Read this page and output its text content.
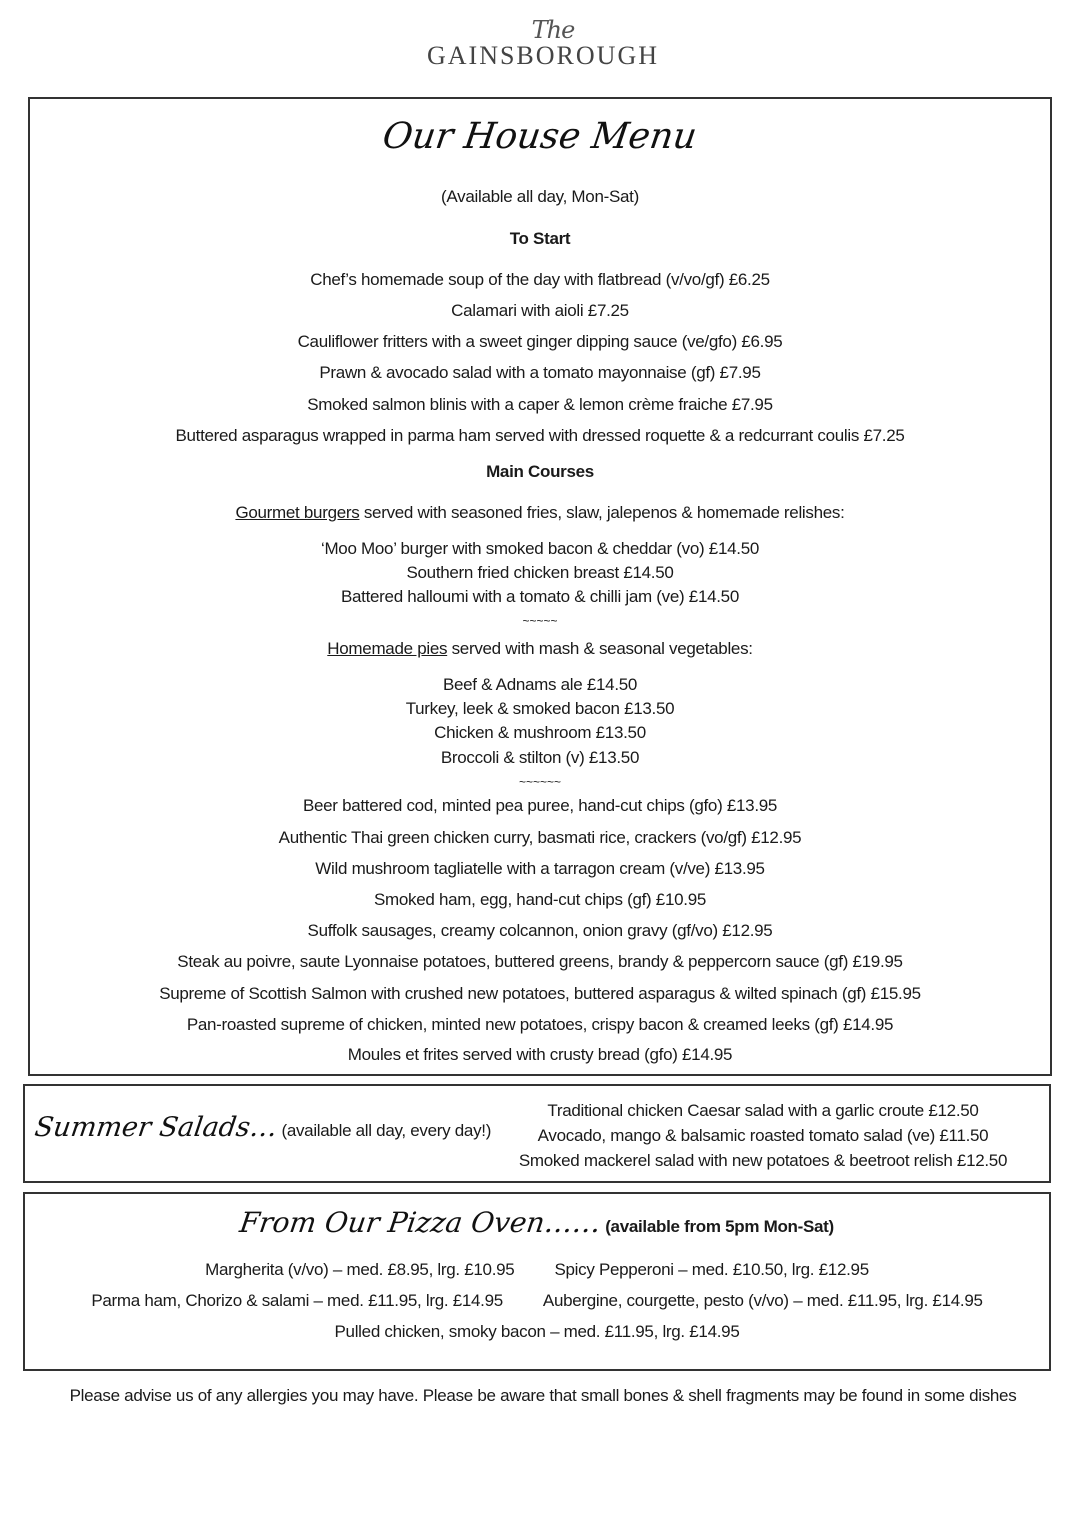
The
GAINSBOROUGH
Our House Menu
(Available all day, Mon-Sat)
To Start
Chef’s homemade soup of the day with flatbread (v/vo/gf) £6.25
Calamari with aioli £7.25
Cauliflower fritters with a sweet ginger dipping sauce (ve/gfo) £6.95
Prawn & avocado salad with a tomato mayonnaise (gf) £7.95
Smoked salmon blinis with a caper & lemon crème fraiche £7.95
Buttered asparagus wrapped in parma ham served with dressed roquette & a redcurrant coulis £7.25
Main Courses
Gourmet burgers served with seasoned fries, slaw, jalepenos & homemade relishes:
‘Moo Moo’ burger with smoked bacon & cheddar (vo) £14.50
Southern fried chicken breast £14.50
Battered halloumi with a tomato & chilli jam (ve) £14.50
~~~~~
Homemade pies served with mash & seasonal vegetables:
Beef & Adnams ale £14.50
Turkey, leek & smoked bacon £13.50
Chicken & mushroom £13.50
Broccoli & stilton (v) £13.50
~~~~~~
Beer battered cod, minted pea puree, hand-cut chips (gfo) £13.95
Authentic Thai green chicken curry, basmati rice, crackers (vo/gf) £12.95
Wild mushroom tagliatelle with a tarragon cream (v/ve) £13.95
Smoked ham, egg, hand-cut chips (gf) £10.95
Suffolk sausages, creamy colcannon, onion gravy (gf/vo) £12.95
Steak au poivre, saute Lyonnaise potatoes, buttered greens, brandy & peppercorn sauce (gf) £19.95
Supreme of Scottish Salmon with crushed new potatoes, buttered asparagus & wilted spinach (gf) £15.95
Pan-roasted supreme of chicken, minted new potatoes, crispy bacon & creamed leeks (gf) £14.95
Moules et frites served with crusty bread (gfo) £14.95
Summer Salads… (available all day, every day!)
Traditional chicken Caesar salad with a garlic croute £12.50
Avocado, mango & balsamic roasted tomato salad (ve) £11.50
Smoked mackerel salad with new potatoes & beetroot relish £12.50
From Our Pizza Oven…… (available from 5pm Mon-Sat)
Margherita (v/vo) – med. £8.95, lrg. £10.95 Spicy Pepperoni – med. £10.50, lrg. £12.95
Parma ham, Chorizo & salami – med. £11.95, lrg. £14.95 Aubergine, courgette, pesto (v/vo) – med. £11.95, lrg. £14.95
Pulled chicken, smoky bacon – med. £11.95, lrg. £14.95
Please advise us of any allergies you may have. Please be aware that small bones & shell fragments may be found in some dishes
